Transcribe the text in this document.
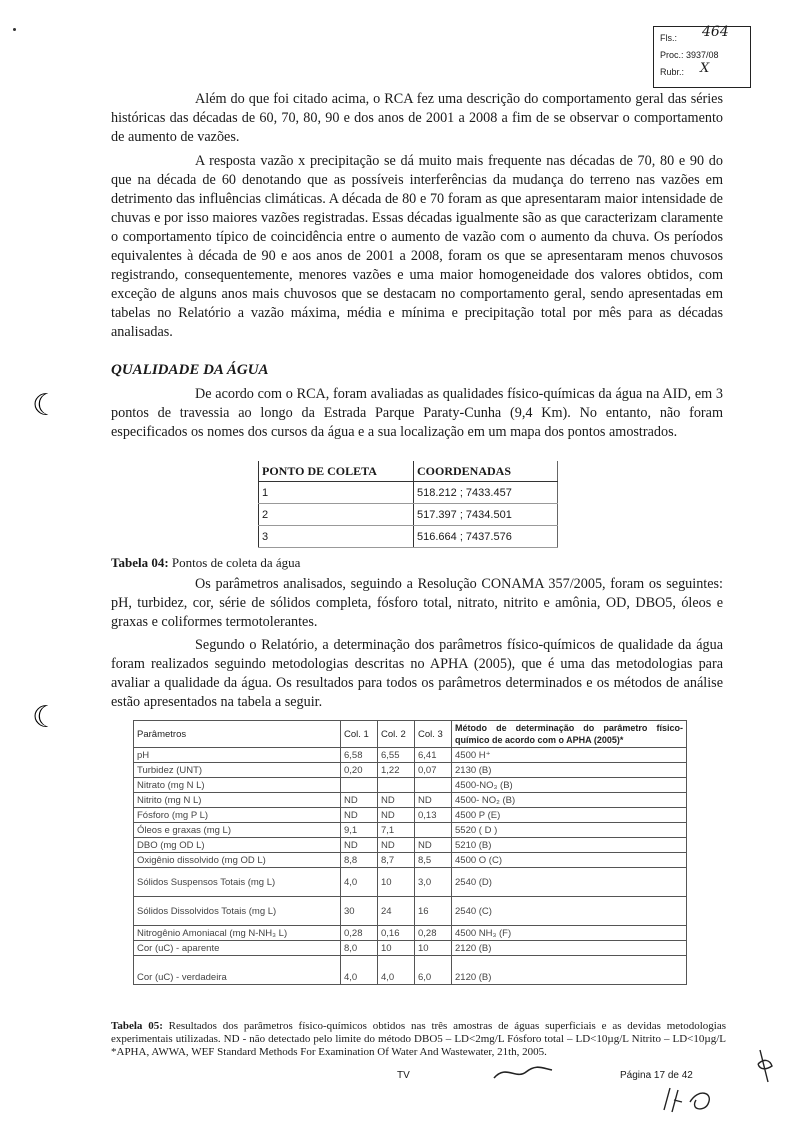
Fls.: 464
Proc.: 3937/08
Rubr.: X

Além do que foi citado acima, o RCA fez uma descrição do comportamento geral das séries históricas das décadas de 60, 70, 80, 90 e dos anos de 2001 a 2008 a fim de se observar o comportamento de aumento de vazões.

A resposta vazão x precipitação se dá muito mais frequente nas décadas de 70, 80 e 90 do que na década de 60 denotando que as possíveis interferências da mudança do terreno nas vazões em detrimento das influências climáticas. A década de 80 e 70 foram as que apresentaram maior intensidade de chuvas e por isso maiores vazões registradas. Essas décadas igualmente são as que caracterizam claramente o comportamento típico de coincidência entre o aumento de vazão com o aumento da chuva. Os períodos equivalentes à década de 90 e aos anos de 2001 a 2008, foram os que se apresentaram menos chuvosos registrando, consequentemente, menores vazões e uma maior homogeneidade dos valores obtidos, com exceção de alguns anos mais chuvosos que se destacam no comportamento geral, sendo apresentadas em tabelas no Relatório a vazão máxima, média e mínima e precipitação total por mês para as décadas analisadas.

QUALIDADE DA ÁGUA
☾	De acordo com o RCA, foram avaliadas as qualidades físico-químicas da água na AID, em 3 pontos de travessia ao longo da Estrada Parque Paraty-Cunha (9,4 Km). No entanto, não foram especificados os nomes dos cursos da água e a sua localização em um mapa dos pontos amostrados.

PONTO DE COLETA	COORDENADAS
1	518.212 ; 7433.457
2	517.397 ; 7434.501
3	516.664 ; 7437.576
Tabela 04: Pontos de coleta da água

Os parâmetros analisados, seguindo a Resolução CONAMA 357/2005, foram os seguintes: pH, turbidez, cor, série de sólidos completa, fósforo total, nitrato, nitrito e amônia, OD, DBO5, óleos e graxas e coliformes termotolerantes.

Segundo o Relatório, a determinação dos parâmetros físico-químicos de qualidade da água foram realizados seguindo metodologias descritas no APHA (2005), que é uma das metodologias para avaliar a qualidade da água. Os resultados para todos os parâmetros determinados e os métodos de análise estão apresentados na tabela a seguir.

☾	Parâmetros	Col. 1	Col. 2	Col. 3	Método de determinação do parâmetro físico-químico de acordo com o APHA (2005)*
pH	6,58	6,55	6,41	4500 H⁺
Turbidez (UNT)	0,20	1,22	0,07	2130 (B)
Nitrato (mg N L)				4500-NO₃ (B)
Nitrito (mg N L)	ND	ND	ND	4500- NO₂ (B)
Fósforo (mg P L)	ND	ND	0,13	4500 P (E)
Óleos e graxas (mg L)	9,1	7,1		5520 ( D )
DBO (mg OD L)	ND	ND	ND	5210 (B)
Oxigênio dissolvido (mg OD L)	8,8	8,7	8,5	4500 O (C)
Sólidos Suspensos Totais (mg L)	4,0	10	3,0	2540 (D)
Sólidos Dissolvidos Totais (mg L)	30	24	16	2540 (C)
Nitrogênio Amoniacal (mg N-NH₃ L)	0,28	0,16	0,28	4500 NH₃ (F)
Cor (uC) - aparente	8,0	10	10	2120 (B)
Cor (uC) - verdadeira	4,0	4,0	6,0	2120 (B)
Tabela 05: Resultados dos parâmetros físico-químicos obtidos nas três amostras de águas superficiais e as devidas metodologias experimentais utilizadas. ND - não detectado pelo limite do método DBO5 – LD<2mg/L Fósforo total – LD<10µg/L Nitrito – LD<10µg/L *APHA, AWWA, WEF Standard Methods For Examination Of Water And Wastewater, 21th, 2005.
TV	Página 17 de 42
